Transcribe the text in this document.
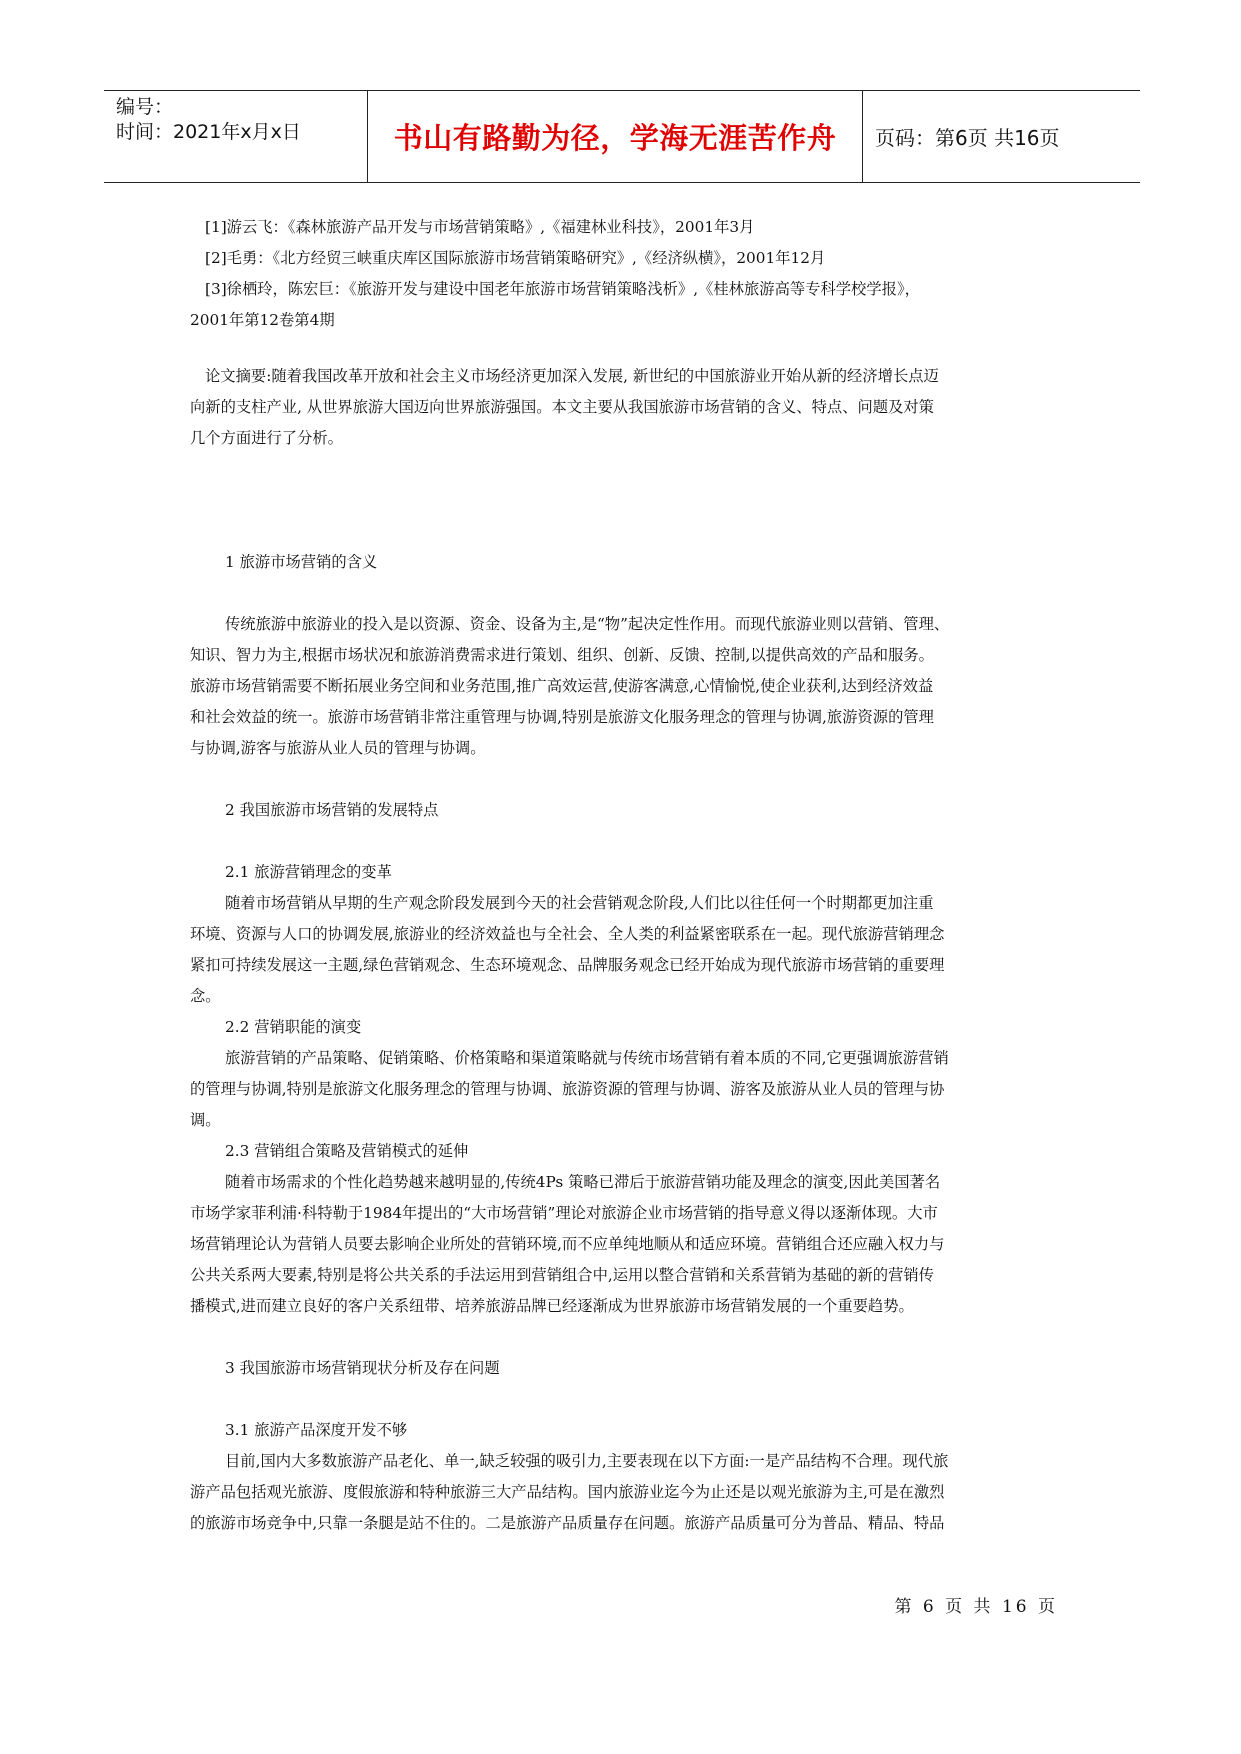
编号：
时间：2021年x月x日	书山有路勤为径，学海无涯苦作舟	页码：第6页 共16页
[1]游云飞：《森林旅游产品开发与市场营销策略》,《福建林业科技》，2001年3月
[2]毛勇：《北方经贸三峡重庆库区国际旅游市场营销策略研究》,《经济纵横》，2001年12月
[3]徐栖玲，陈宏巨：《旅游开发与建设中国老年旅游市场营销策略浅析》,《桂林旅游高等专科学校学报》，
2001年第12卷第4期
论文摘要:随着我国改革开放和社会主义市场经济更加深入发展, 新世纪的中国旅游业开始从新的经济增长点迈
向新的支柱产业, 从世界旅游大国迈向世界旅游强国。本文主要从我国旅游市场营销的含义、特点、问题及对策
几个方面进行了分析。
1 旅游市场营销的含义
传统旅游中旅游业的投入是以资源、资金、设备为主,是“物”起决定性作用。而现代旅游业则以营销、管理、
知识、智力为主,根据市场状况和旅游消费需求进行策划、组织、创新、反馈、控制,以提供高效的产品和服务。
旅游市场营销需要不断拓展业务空间和业务范围,推广高效运营,使游客满意,心情愉悦,使企业获利,达到经济效益
和社会效益的统一。旅游市场营销非常注重管理与协调,特别是旅游文化服务理念的管理与协调,旅游资源的管理
与协调,游客与旅游从业人员的管理与协调。
2 我国旅游市场营销的发展特点
2.1 旅游营销理念的变革
随着市场营销从早期的生产观念阶段发展到今天的社会营销观念阶段,人们比以往任何一个时期都更加注重
环境、资源与人口的协调发展,旅游业的经济效益也与全社会、全人类的利益紧密联系在一起。现代旅游营销理念
紧扣可持续发展这一主题,绿色营销观念、生态环境观念、品牌服务观念已经开始成为现代旅游市场营销的重要理
念。
2.2 营销职能的演变
旅游营销的产品策略、促销策略、价格策略和渠道策略就与传统市场营销有着本质的不同,它更强调旅游营销
的管理与协调,特别是旅游文化服务理念的管理与协调、旅游资源的管理与协调、游客及旅游从业人员的管理与协
调。
2.3 营销组合策略及营销模式的延伸
随着市场需求的个性化趋势越来越明显的,传统4Ps 策略已滞后于旅游营销功能及理念的演变,因此美国著名
市场学家菲利浦·科特勒于1984年提出的“大市场营销”理论对旅游企业市场营销的指导意义得以逐渐体现。大市
场营销理论认为营销人员要去影响企业所处的营销环境,而不应单纯地顺从和适应环境。营销组合还应融入权力与
公共关系两大要素,特别是将公共关系的手法运用到营销组合中,运用以整合营销和关系营销为基础的新的营销传
播模式,进而建立良好的客户关系纽带、培养旅游品牌已经逐渐成为世界旅游市场营销发展的一个重要趋势。
3 我国旅游市场营销现状分析及存在问题
3.1 旅游产品深度开发不够
目前,国内大多数旅游产品老化、单一,缺乏较强的吸引力,主要表现在以下方面:一是产品结构不合理。现代旅
游产品包括观光旅游、度假旅游和特种旅游三大产品结构。国内旅游业迄今为止还是以观光旅游为主,可是在激烈
的旅游市场竞争中,只靠一条腿是站不住的。二是旅游产品质量存在问题。旅游产品质量可分为普品、精品、特品
第 6 页 共 16 页
